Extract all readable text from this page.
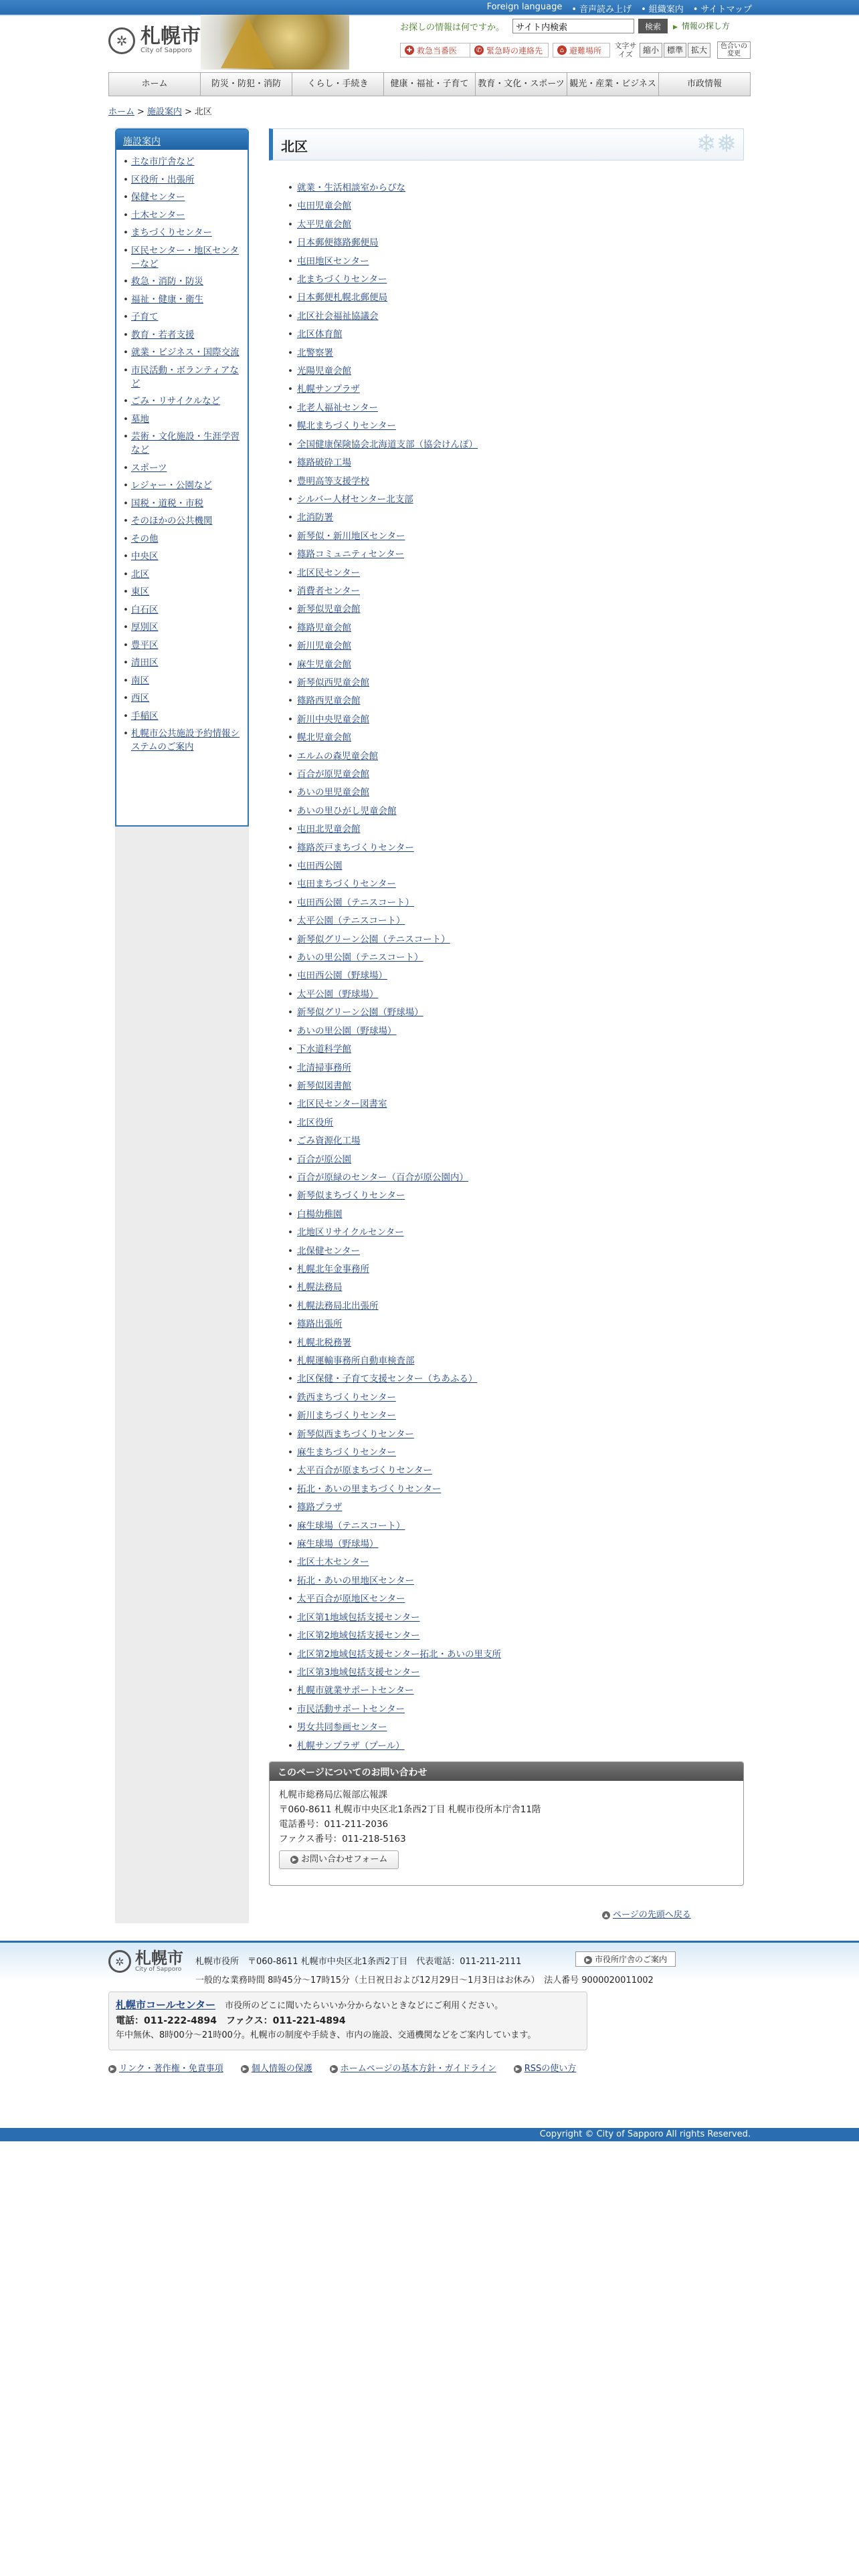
Foreign language	• 音声読み上げ	• 組織案内	• サイトマップ
✲ 札幌市
City of Sapporo
お探しの情報は何ですか。
サイト内検索	検索	▶ 情報の探し方
✚ 救急当番医	✆ 緊急時の連絡先	⌂ 避難場所 文字サイズ	縮小 標準 拡大	色合いの変更
ホーム	防災・防犯・消防	くらし・手続き	健康・福祉・子育て	教育・文化・スポーツ 観光・産業・ビジネス	市政情報
ホーム > 施設案内 > 北区
施設案内
• 主な市庁舎など
• 区役所・出張所
• 保健センター
• 土木センター
• まちづくりセンター
• 区民センター・地区センターなど
• 救急・消防・防災
• 福祉・健康・衛生
• 子育て
• 教育・若者支援
• 就業・ビジネス・国際交流
• 市民活動・ボランティアなど
• ごみ・リサイクルなど
• 墓地
• 芸術・文化施設・生涯学習など
• スポーツ
• レジャー・公園など
• 国税・道税・市税
• そのほかの公共機関
• その他
• 中央区
• 北区
• 東区
• 白石区
• 厚別区
• 豊平区
• 清田区
• 南区
• 西区
• 手稲区
• 札幌市公共施設予約情報システムのご案内
北区	❄❅
• 就業・生活相談室からぴな
• 屯田児童会館
• 太平児童会館
• 日本郵便篠路郵便局
• 屯田地区センター
• 北まちづくりセンター
• 日本郵便札幌北郵便局
• 北区社会福祉協議会
• 北区体育館
• 北警察署
• 光陽児童会館
• 札幌サンプラザ
• 北老人福祉センター
• 幌北まちづくりセンター
• 全国健康保険協会北海道支部（協会けんぽ）
• 篠路破砕工場
• 豊明高等支援学校
• シルバー人材センター北支部
• 北消防署
• 新琴似・新川地区センター
• 篠路コミュニティセンター
• 北区民センター
• 消費者センター
• 新琴似児童会館
• 篠路児童会館
• 新川児童会館
• 麻生児童会館
• 新琴似西児童会館
• 篠路西児童会館
• 新川中央児童会館
• 幌北児童会館
• エルムの森児童会館
• 百合が原児童会館
• あいの里児童会館
• あいの里ひがし児童会館
• 屯田北児童会館
• 篠路茨戸まちづくりセンター
• 屯田西公園
• 屯田まちづくりセンター
• 屯田西公園（テニスコート）
• 太平公園（テニスコート）
• 新琴似グリーン公園（テニスコート）
• あいの里公園（テニスコート）
• 屯田西公園（野球場）
• 太平公園（野球場）
• 新琴似グリーン公園（野球場）
• あいの里公園（野球場）
• 下水道科学館
• 北清掃事務所
• 新琴似図書館
• 北区民センター図書室
• 北区役所
• ごみ資源化工場
• 百合が原公園
• 百合が原緑のセンター（百合が原公園内）
• 新琴似まちづくりセンター
• 白楊幼稚園
• 北地区リサイクルセンター
• 北保健センター
• 札幌北年金事務所
• 札幌法務局
• 札幌法務局北出張所
• 篠路出張所
• 札幌北税務署
• 札幌運輸事務所自動車検査部
• 北区保健・子育て支援センター（ちあふる）
• 鉄西まちづくりセンター
• 新川まちづくりセンター
• 新琴似西まちづくりセンター
• 麻生まちづくりセンター
• 太平百合が原まちづくりセンター
• 拓北・あいの里まちづくりセンター
• 篠路プラザ
• 麻生球場（テニスコート）
• 麻生球場（野球場）
• 北区土木センター
• 拓北・あいの里地区センター
• 太平百合が原地区センター
• 北区第1地域包括支援センター
• 北区第2地域包括支援センター
• 北区第2地域包括支援センター拓北・あいの里支所
• 北区第3地域包括支援センター
• 札幌市就業サポートセンター
• 市民活動サポートセンター
• 男女共同参画センター
• 札幌サンプラザ（プール）
このページについてのお問い合わせ
札幌市総務局広報部広報課
〒060-8611 札幌市中央区北1条西2丁目 札幌市役所本庁舎11階
電話番号：011-211-2036
ファクス番号：011-218-5163
▶ お問い合わせフォーム
▲ ページの先頭へ戻る
✲ 札幌市
City of Sapporo
札幌市役所　〒060-8611 札幌市中央区北1条西2丁目　代表電話：011-211-2111
一般的な業務時間 8時45分～17時15分（土日祝日および12月29日～1月3日はお休み）　法人番号 9000020011002
▶ 市役所庁舎のご案内
札幌市コールセンター 市役所のどこに聞いたらいいか分からないときなどにご利用ください。
電話：011-222-4894　ファクス：011-221-4894
年中無休、8時00分～21時00分。札幌市の制度や手続き、市内の施設、交通機関などをご案内しています。
▶ リンク・著作権・免責事項	▶ 個人情報の保護	▶ ホームページの基本方針・ガイドライン	▶ RSSの使い方
Copyright © City of Sapporo All rights Reserved.
